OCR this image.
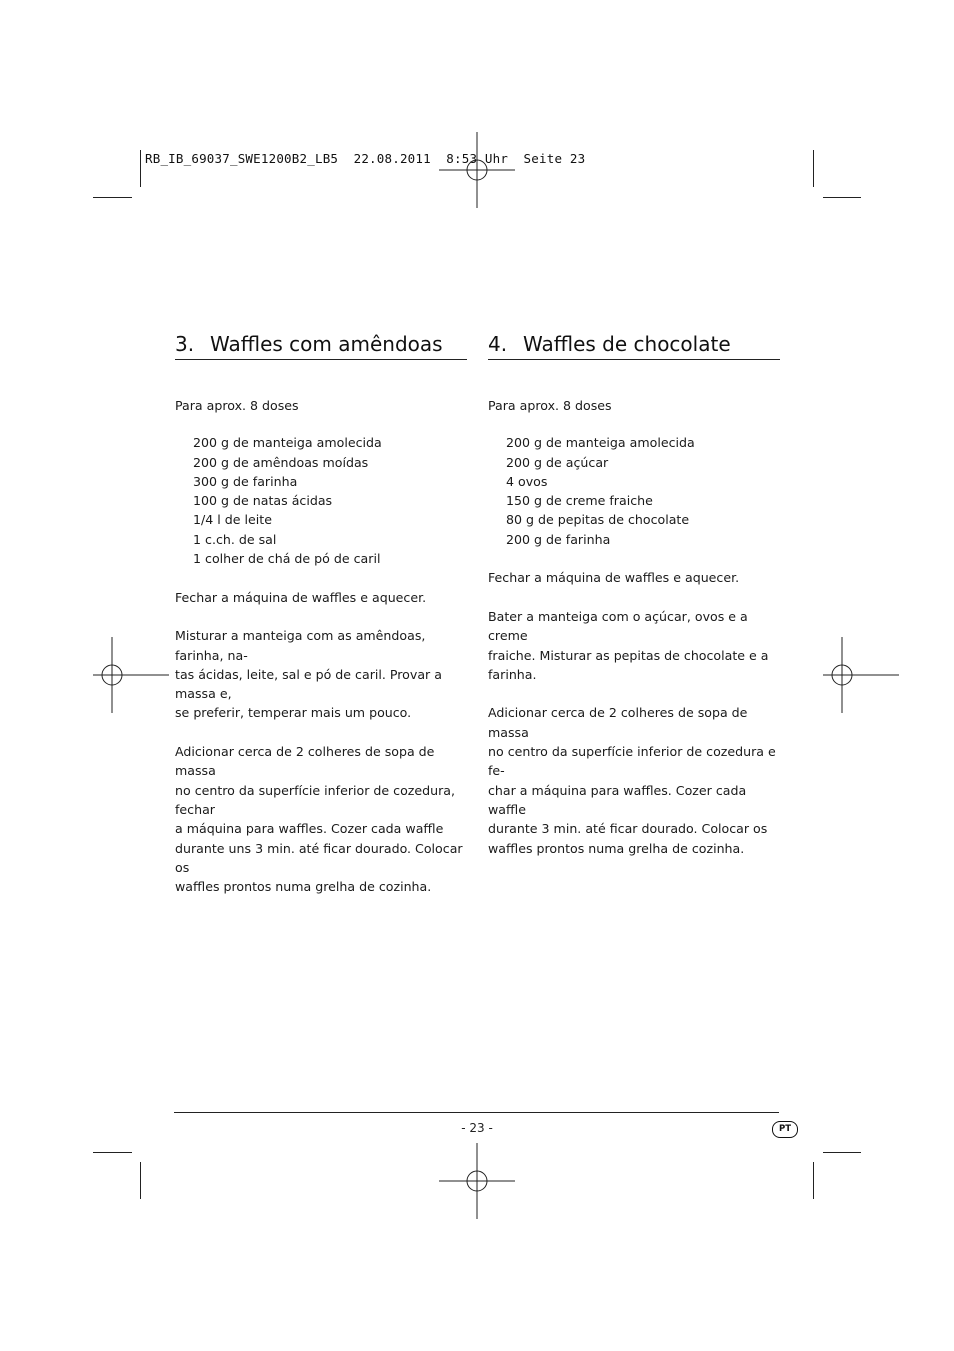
RB_IB_69037_SWE1200B2_LB5  22.08.2011  8:53 Uhr  Seite 23
3. Waffles com amêndoas
Para aprox. 8 doses
200 g de manteiga amolecida
200 g de amêndoas moídas
300 g de farinha
100 g de natas ácidas
1/4 l de leite
1 c.ch. de sal
1 colher de chá de pó de caril

Fechar a máquina de waffles e aquecer.

Misturar a manteiga com as amêndoas, farinha, na-
tas ácidas, leite, sal e pó de caril. Provar a massa e,
se preferir, temperar mais um pouco.

Adicionar cerca de 2 colheres de sopa de massa
no centro da superfície inferior de cozedura, fechar
a máquina para waffles. Cozer cada waffle
durante uns 3 min. até ficar dourado. Colocar os
waffles prontos numa grelha de cozinha.

4. Waffles de chocolate
Para aprox. 8 doses
200 g de manteiga amolecida
200 g de açúcar
4 ovos
150 g de creme fraiche
80 g de pepitas de chocolate
200 g de farinha

Fechar a máquina de waffles e aquecer.

Bater a manteiga com o açúcar, ovos e a creme
fraiche. Misturar as pepitas de chocolate e a
farinha.

Adicionar cerca de 2 colheres de sopa de massa
no centro da superfície inferior de cozedura e fe-
char a máquina para waffles. Cozer cada waffle
durante 3 min. até ficar dourado. Colocar os
waffles prontos numa grelha de cozinha.

- 23 -	PT
